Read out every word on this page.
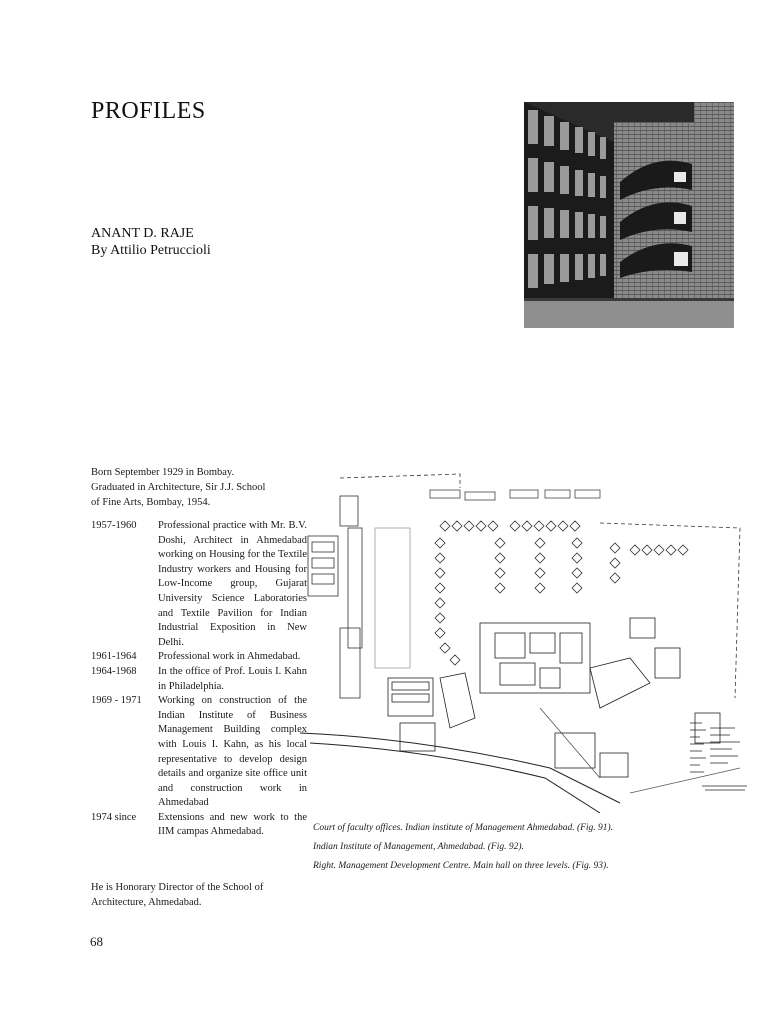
PROFILES
ANANT D. RAJE
By Attilio Petruccioli
Born September 1929 in Bombay.
Graduated in Architecture, Sir J.J. School
of Fine Arts, Bombay, 1954.
1957-1960	Professional practice with Mr. B.V. Doshi, Architect in Ahmedabad working on Housing for the Textile Industry workers and Housing for Low-Income group, Gujarat University Science Laboratories and Textile Pavilion for Indian Industrial Exposition in New Delhi.
1961-1964	Professional work in Ahmedabad.
1964-1968	In the office of Prof. Louis I. Kahn in Philadelphia.
1969 - 1971	Working on construction of the Indian Institute of Business Management Building complex with Louis I. Kahn, as his local representative to develop design details and organize site office unit and construction work in Ahmedabad
1974 since	Extensions and new work to the IIM campas Ahmedabad.
He is Honorary Director of the School of Architecture, Ahmedabad.
68
Court of faculty offices. Indian institute of Management Ahmedabad. (Fig. 91).
Indian Institute of Management, Ahmedabad. (Fig. 92).
Right. Management Development Centre. Main hall on three levels. (Fig. 93).
